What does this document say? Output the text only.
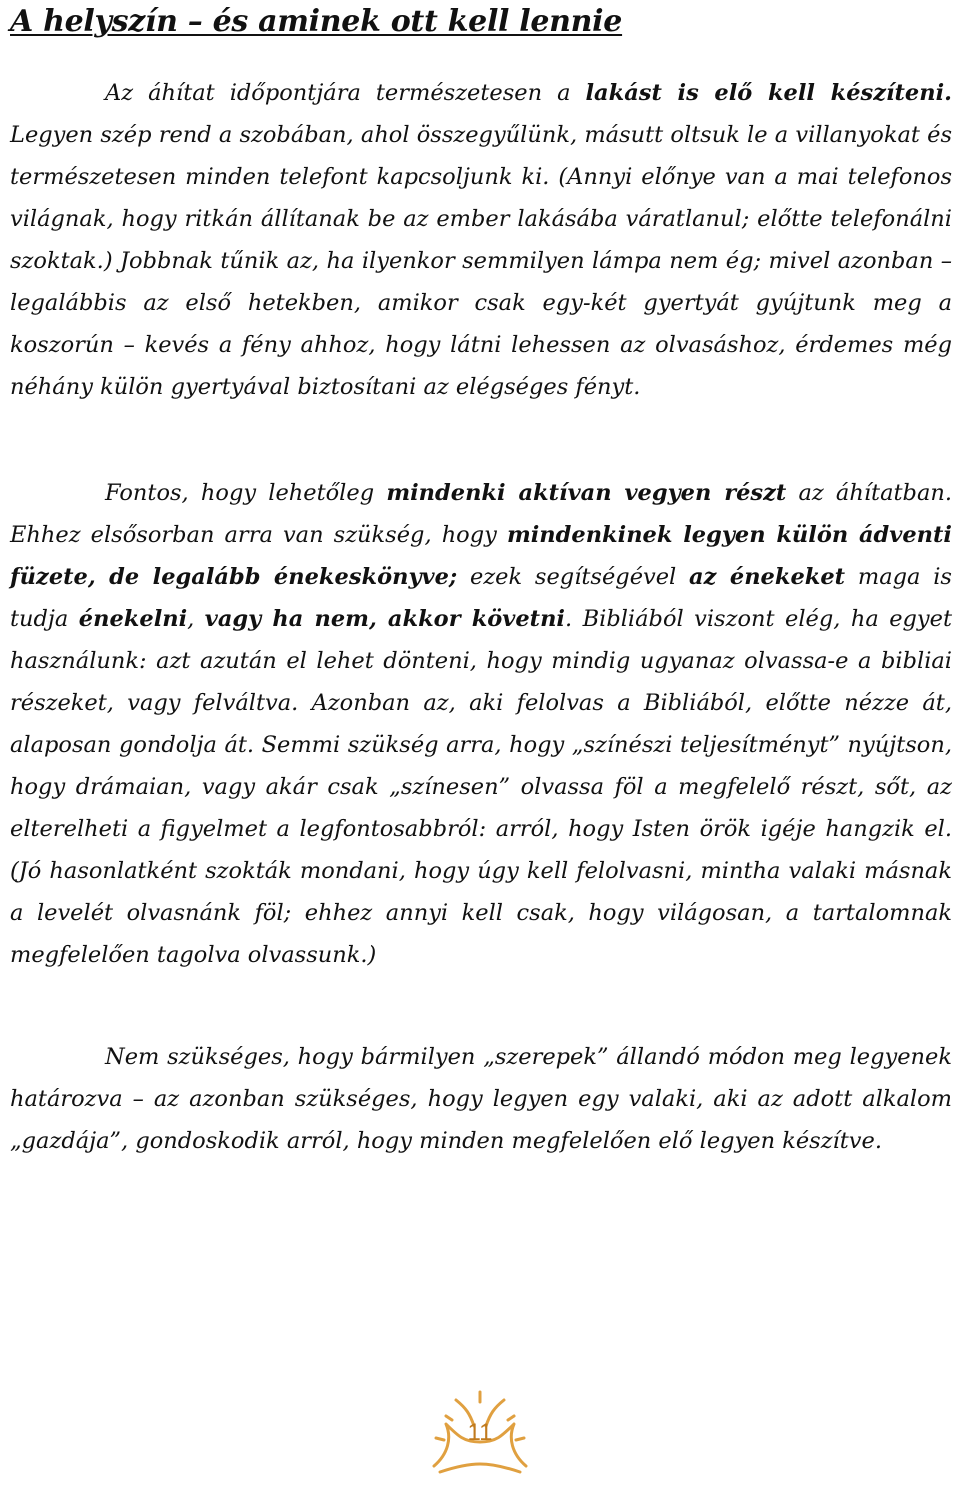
A helyszín – és aminek ott kell lennie

Az áhítat időpontjára természetesen a lakást is elő kell készíteni. Legyen szép rend a szobában, ahol összegyűlünk, másutt oltsuk le a villanyokat és természetesen minden telefont kapcsoljunk ki. (Annyi előnye van a mai telefonos világnak, hogy ritkán állítanak be az ember lakásába váratlanul; előtte telefonálni szoktak.) Jobbnak tűnik az, ha ilyenkor semmilyen lámpa nem ég; mivel azonban – legalábbis az első hetekben, amikor csak egy-két gyertyát gyújtunk meg a koszorún – kevés a fény ahhoz, hogy látni lehessen az olvasáshoz, érdemes még néhány külön gyertyával biztosítani az elégséges fényt.

Fontos, hogy lehetőleg mindenki aktívan vegyen részt az áhítatban. Ehhez elsősorban arra van szükség, hogy mindenkinek legyen külön ádventi füzete, de legalább énekeskönyve; ezek segítségével az énekeket maga is tudja énekelni, vagy ha nem, akkor követni. Bibliából viszont elég, ha egyet használunk: azt azután el lehet dönteni, hogy mindig ugyanaz olvassa-e a bibliai részeket, vagy felváltva. Azonban az, aki felolvas a Bibliából, előtte nézze át, alaposan gondolja át. Semmi szükség arra, hogy „színészi teljesítményt” nyújtson, hogy drámaian, vagy akár csak „színesen” olvassa föl a megfelelő részt, sőt, az elterelheti a figyelmet a legfontosabbról: arról, hogy Isten örök igéje hangzik el. (Jó hasonlatként szokták mondani, hogy úgy kell felolvasni, mintha valaki másnak a levelét olvasnánk föl; ehhez annyi kell csak, hogy világosan, a tartalomnak megfelelően tagolva olvassunk.)

Nem szükséges, hogy bármilyen „szerepek” állandó módon meg legyenek határozva – az azonban szükséges, hogy legyen egy valaki, aki az adott alkalom „gazdája”, gondoskodik arról, hogy minden megfelelően elő legyen készítve.

11
